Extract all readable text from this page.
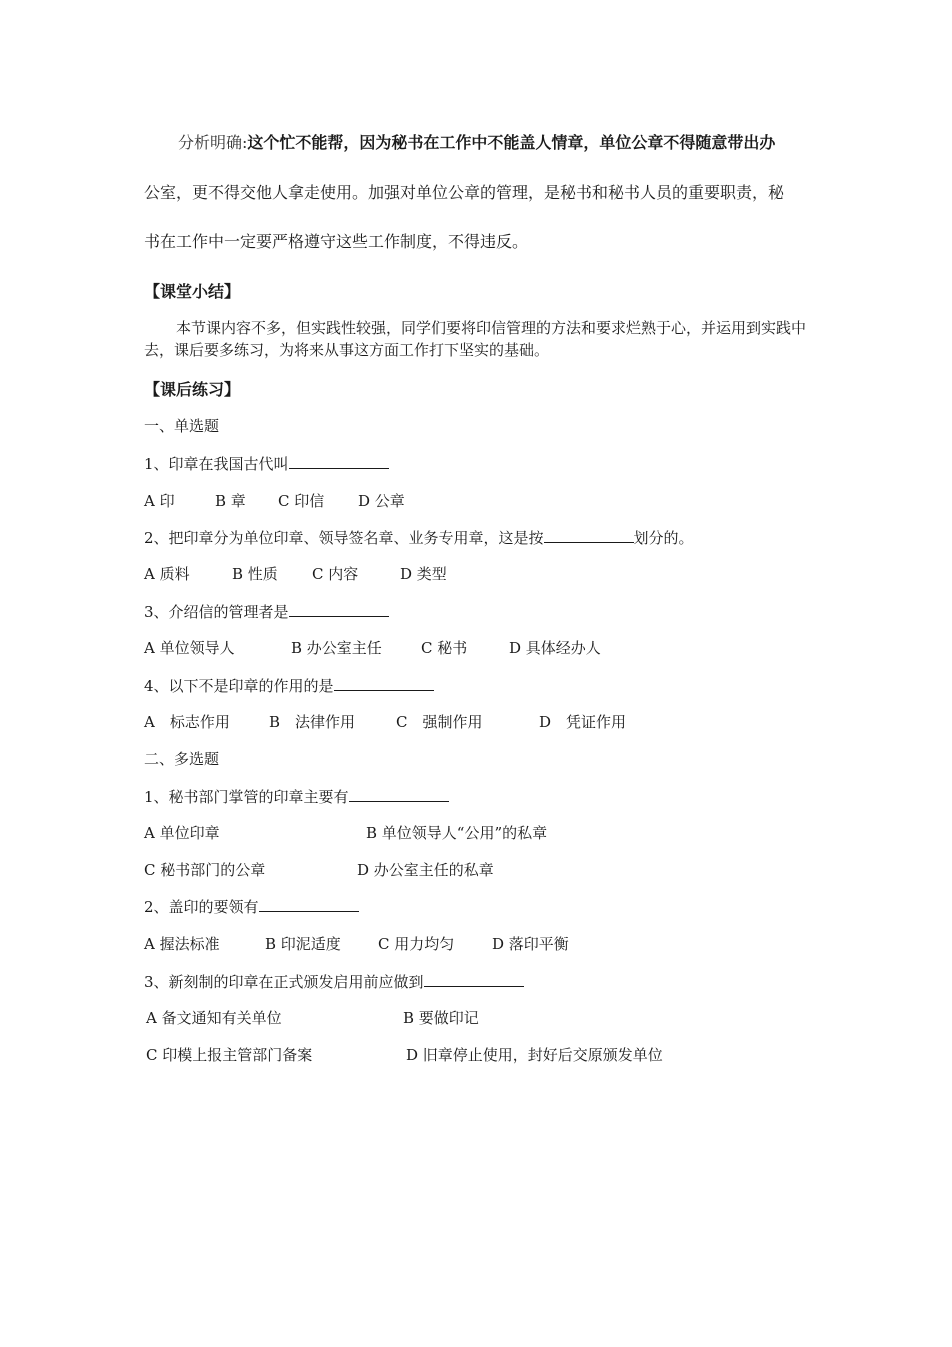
分析明确:这个忙不能帮，因为秘书在工作中不能盖人情章，单位公章不得随意带出办
公室，更不得交他人拿走使用。加强对单位公章的管理，是秘书和秘书人员的重要职责，秘
书在工作中一定要严格遵守这些工作制度，不得违反。
【课堂小结】
本节课内容不多，但实践性较强，同学们要将印信管理的方法和要求烂熟于心，并运用到实践中去，课后要多练习，为将来从事这方面工作打下坚实的基础。
【课后练习】
一、单选题
1、印章在我国古代叫
A 印	B 章 C 印信 D 公章
2、把印章分为单位印章、领导签名章、业务专用章，这是按	划分的。
A 质料	B 性质 C 内容	D 类型
3、介绍信的管理者是
A 单位领导人	B 办公室主任	C 秘书	D 具体经办人
4、以下不是印章的作用的是
A　标志作用	B　法律作用	C　强制作用	D　凭证作用
二、多选题
1、秘书部门掌管的印章主要有
A 单位印章	B 单位领导人“公用”的私章
C 秘书部门的公章	D 办公室主任的私章
2、盖印的要领有
A 握法标准	B 印泥适度 C 用力均匀	D 落印平衡
3、新刻制的印章在正式颁发启用前应做到
A 备文通知有关单位	B 要做印记
C 印模上报主管部门备案	D 旧章停止使用，封好后交原颁发单位
